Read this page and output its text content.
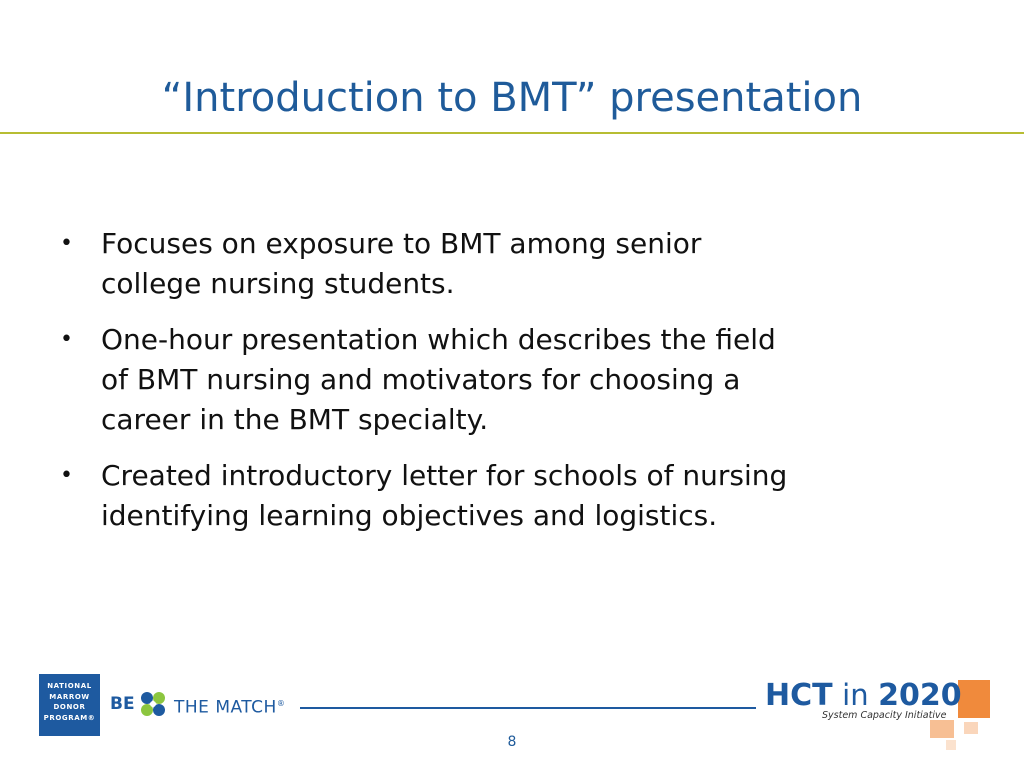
“Introduction to BMT” presentation
•	Focuses on exposure to BMT among senior
college nursing students.
•	One-hour presentation which describes the field
of BMT nursing and motivators for choosing a
career in the BMT specialty.
•	Created introductory letter for schools of nursing
identifying learning objectives and logistics.
NATIONAL
MARROW
DONOR
PROGRAM®
BE THE MATCH®	HCT in 2020
System Capacity Initiative
8
